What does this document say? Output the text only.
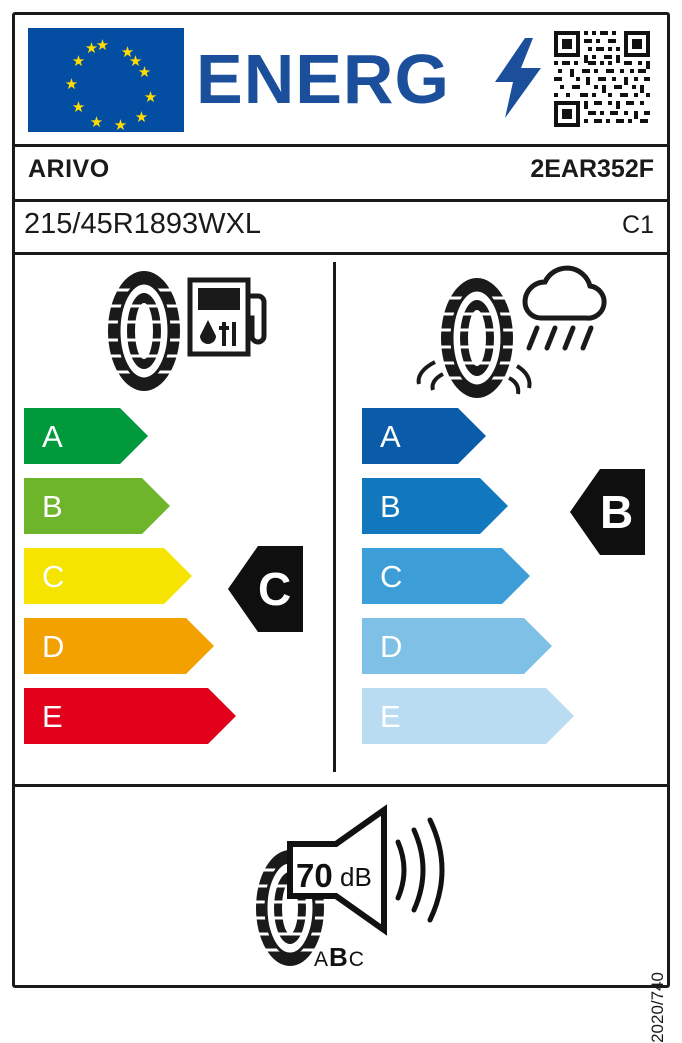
★ ★
★
★
★
★
★
★
★
★
★
★ ENERG
ARIVO	2EAR352F
215/45R1893WXL	C1
A
B
C
D
E
A
B
C
D
E
C
B
70 dB
ABC
2020/740
